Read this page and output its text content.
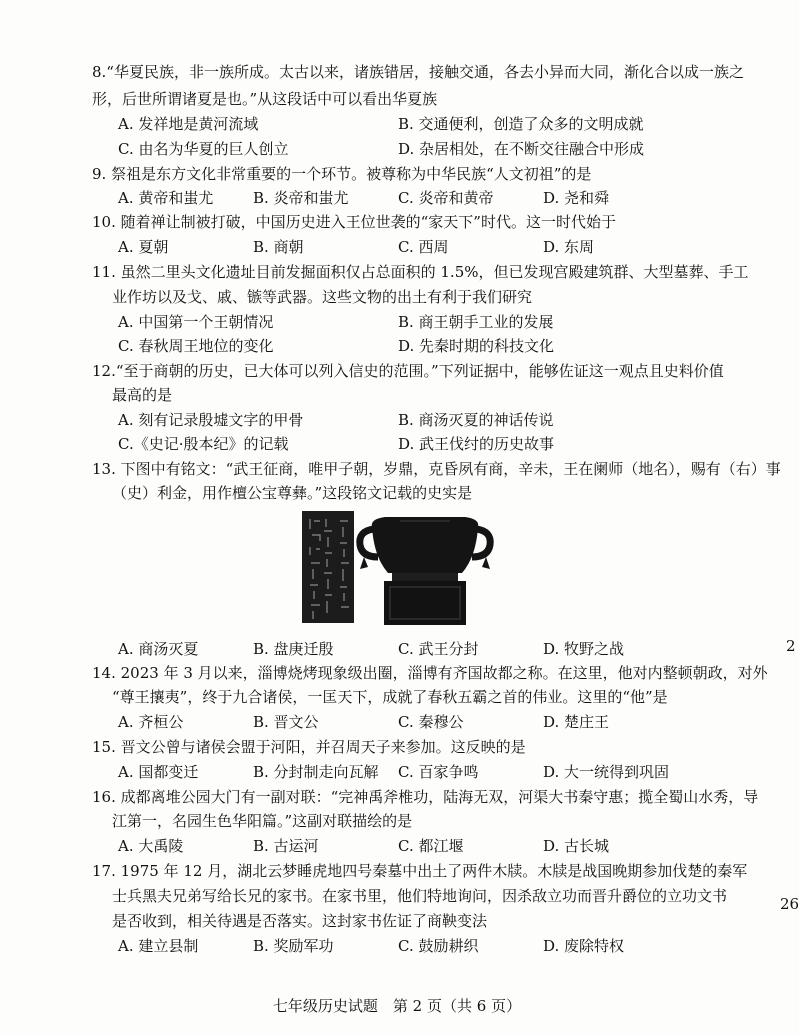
8.“华夏民族，非一族所成。太古以来，诸族错居，接触交通，各去小异而大同，渐化合以成一族之
形，后世所谓诸夏是也。”从这段话中可以看出华夏族
A. 发祥地是黄河流域	B. 交通便利，创造了众多的文明成就
C. 由名为华夏的巨人创立	D. 杂居相处，在不断交往融合中形成
9. 祭祖是东方文化非常重要的一个环节。被尊称为中华民族“人文初祖”的是
A. 黄帝和蚩尤	B. 炎帝和蚩尤	C. 炎帝和黄帝	D. 尧和舜
10. 随着禅让制被打破，中国历史进入王位世袭的“家天下”时代。这一时代始于
A. 夏朝	B. 商朝	C. 西周	D. 东周
11. 虽然二里头文化遗址目前发掘面积仅占总面积的 1.5%，但已发现宫殿建筑群、大型墓葬、手工
业作坊以及戈、戚、镞等武器。这些文物的出土有利于我们研究
A. 中国第一个王朝情况	B. 商王朝手工业的发展
C. 春秋周王地位的变化	D. 先秦时期的科技文化
12.“至于商朝的历史，已大体可以列入信史的范围。”下列证据中，能够佐证这一观点且史料价值
最高的是
A. 刻有记录殷墟文字的甲骨	B. 商汤灭夏的神话传说
C.《史记·殷本纪》的记载	D. 武王伐纣的历史故事
13. 下图中有铭文：“武王征商，唯甲子朝，岁鼎，克昏夙有商，辛未，王在阑师（地名），赐有（右）事
（史）利金，用作檀公宝尊彝。”这段铭文记载的史实是
A. 商汤灭夏	B. 盘庚迁殷	C. 武王分封	D. 牧野之战
14. 2023 年 3 月以来，淄博烧烤现象级出圈，淄博有齐国故都之称。在这里，他对内整顿朝政，对外
“尊王攘夷”，终于九合诸侯，一匡天下，成就了春秋五霸之首的伟业。这里的“他”是
A. 齐桓公	B. 晋文公	C. 秦穆公	D. 楚庄王
15. 晋文公曾与诸侯会盟于河阳，并召周天子来参加。这反映的是
A. 国都变迁	B. 分封制走向瓦解 C. 百家争鸣	D. 大一统得到巩固
16. 成都离堆公园大门有一副对联：“完神禹斧椎功，陆海无双，河渠大书秦守惠；揽全蜀山水秀，导
江第一，名园生色华阳篇。”这副对联描绘的是
A. 大禹陵	B. 古运河	C. 都江堰	D. 古长城
17. 1975 年 12 月，湖北云梦睡虎地四号秦墓中出土了两件木牍。木牍是战国晚期参加伐楚的秦军
士兵黑夫兄弟写给长兄的家书。在家书里，他们特地询问，因杀敌立功而晋升爵位的立功文书
是否收到，相关待遇是否落实。这封家书佐证了商鞅变法
A. 建立县制	B. 奖励军功	C. 鼓励耕织	D. 废除特权
2
26
七年级历史试题　第 2 页（共 6 页）
